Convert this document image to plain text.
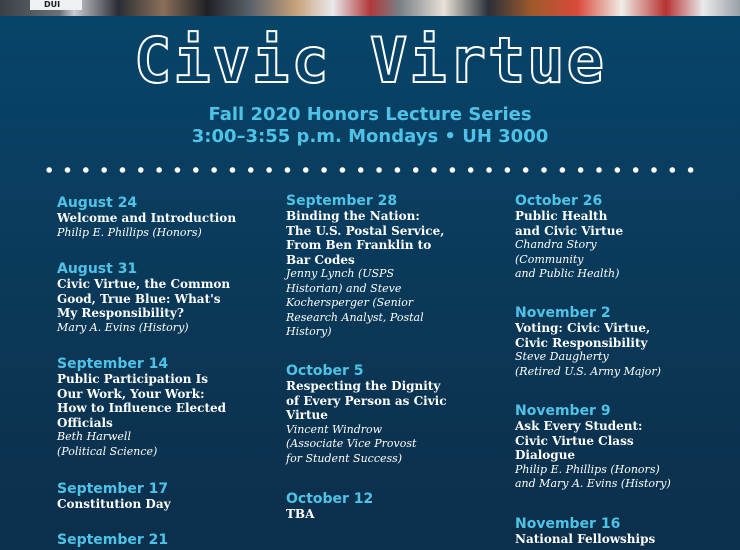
DUI
Civic Virtue

Fall 2020 Honors Lecture Series

3:00–3:55 p.m. Mondays • UH 3000

August 24

Welcome and Introduction

Philip E. Phillips (Honors)

August 31

Civic Virtue, the Common
Good, True Blue: What's
My Responsibility?

Mary A. Evins (History)

September 14

Public Participation Is
Our Work, Your Work:
How to Influence Elected
Officials

Beth Harwell
(Political Science)

September 17

Constitution Day

September 21

September 28

Binding the Nation:
The U.S. Postal Service,
From Ben Franklin to
Bar Codes

Jenny Lynch (USPS
Historian) and Steve
Kochersperger (Senior
Research Analyst, Postal
History)

October 5

Respecting the Dignity
of Every Person as Civic
Virtue

Vincent Windrow
(Associate Vice Provost
for Student Success)

October 12

TBA

October 26

Public Health
and Civic Virtue

Chandra Story
(Community
and Public Health)

November 2

Voting: Civic Virtue,
Civic Responsibility

Steve Daugherty
(Retired U.S. Army Major)

November 9

Ask Every Student:
Civic Virtue Class
Dialogue

Philip E. Phillips (Honors)
and Mary A. Evins (History)

November 16

National Fellowships
